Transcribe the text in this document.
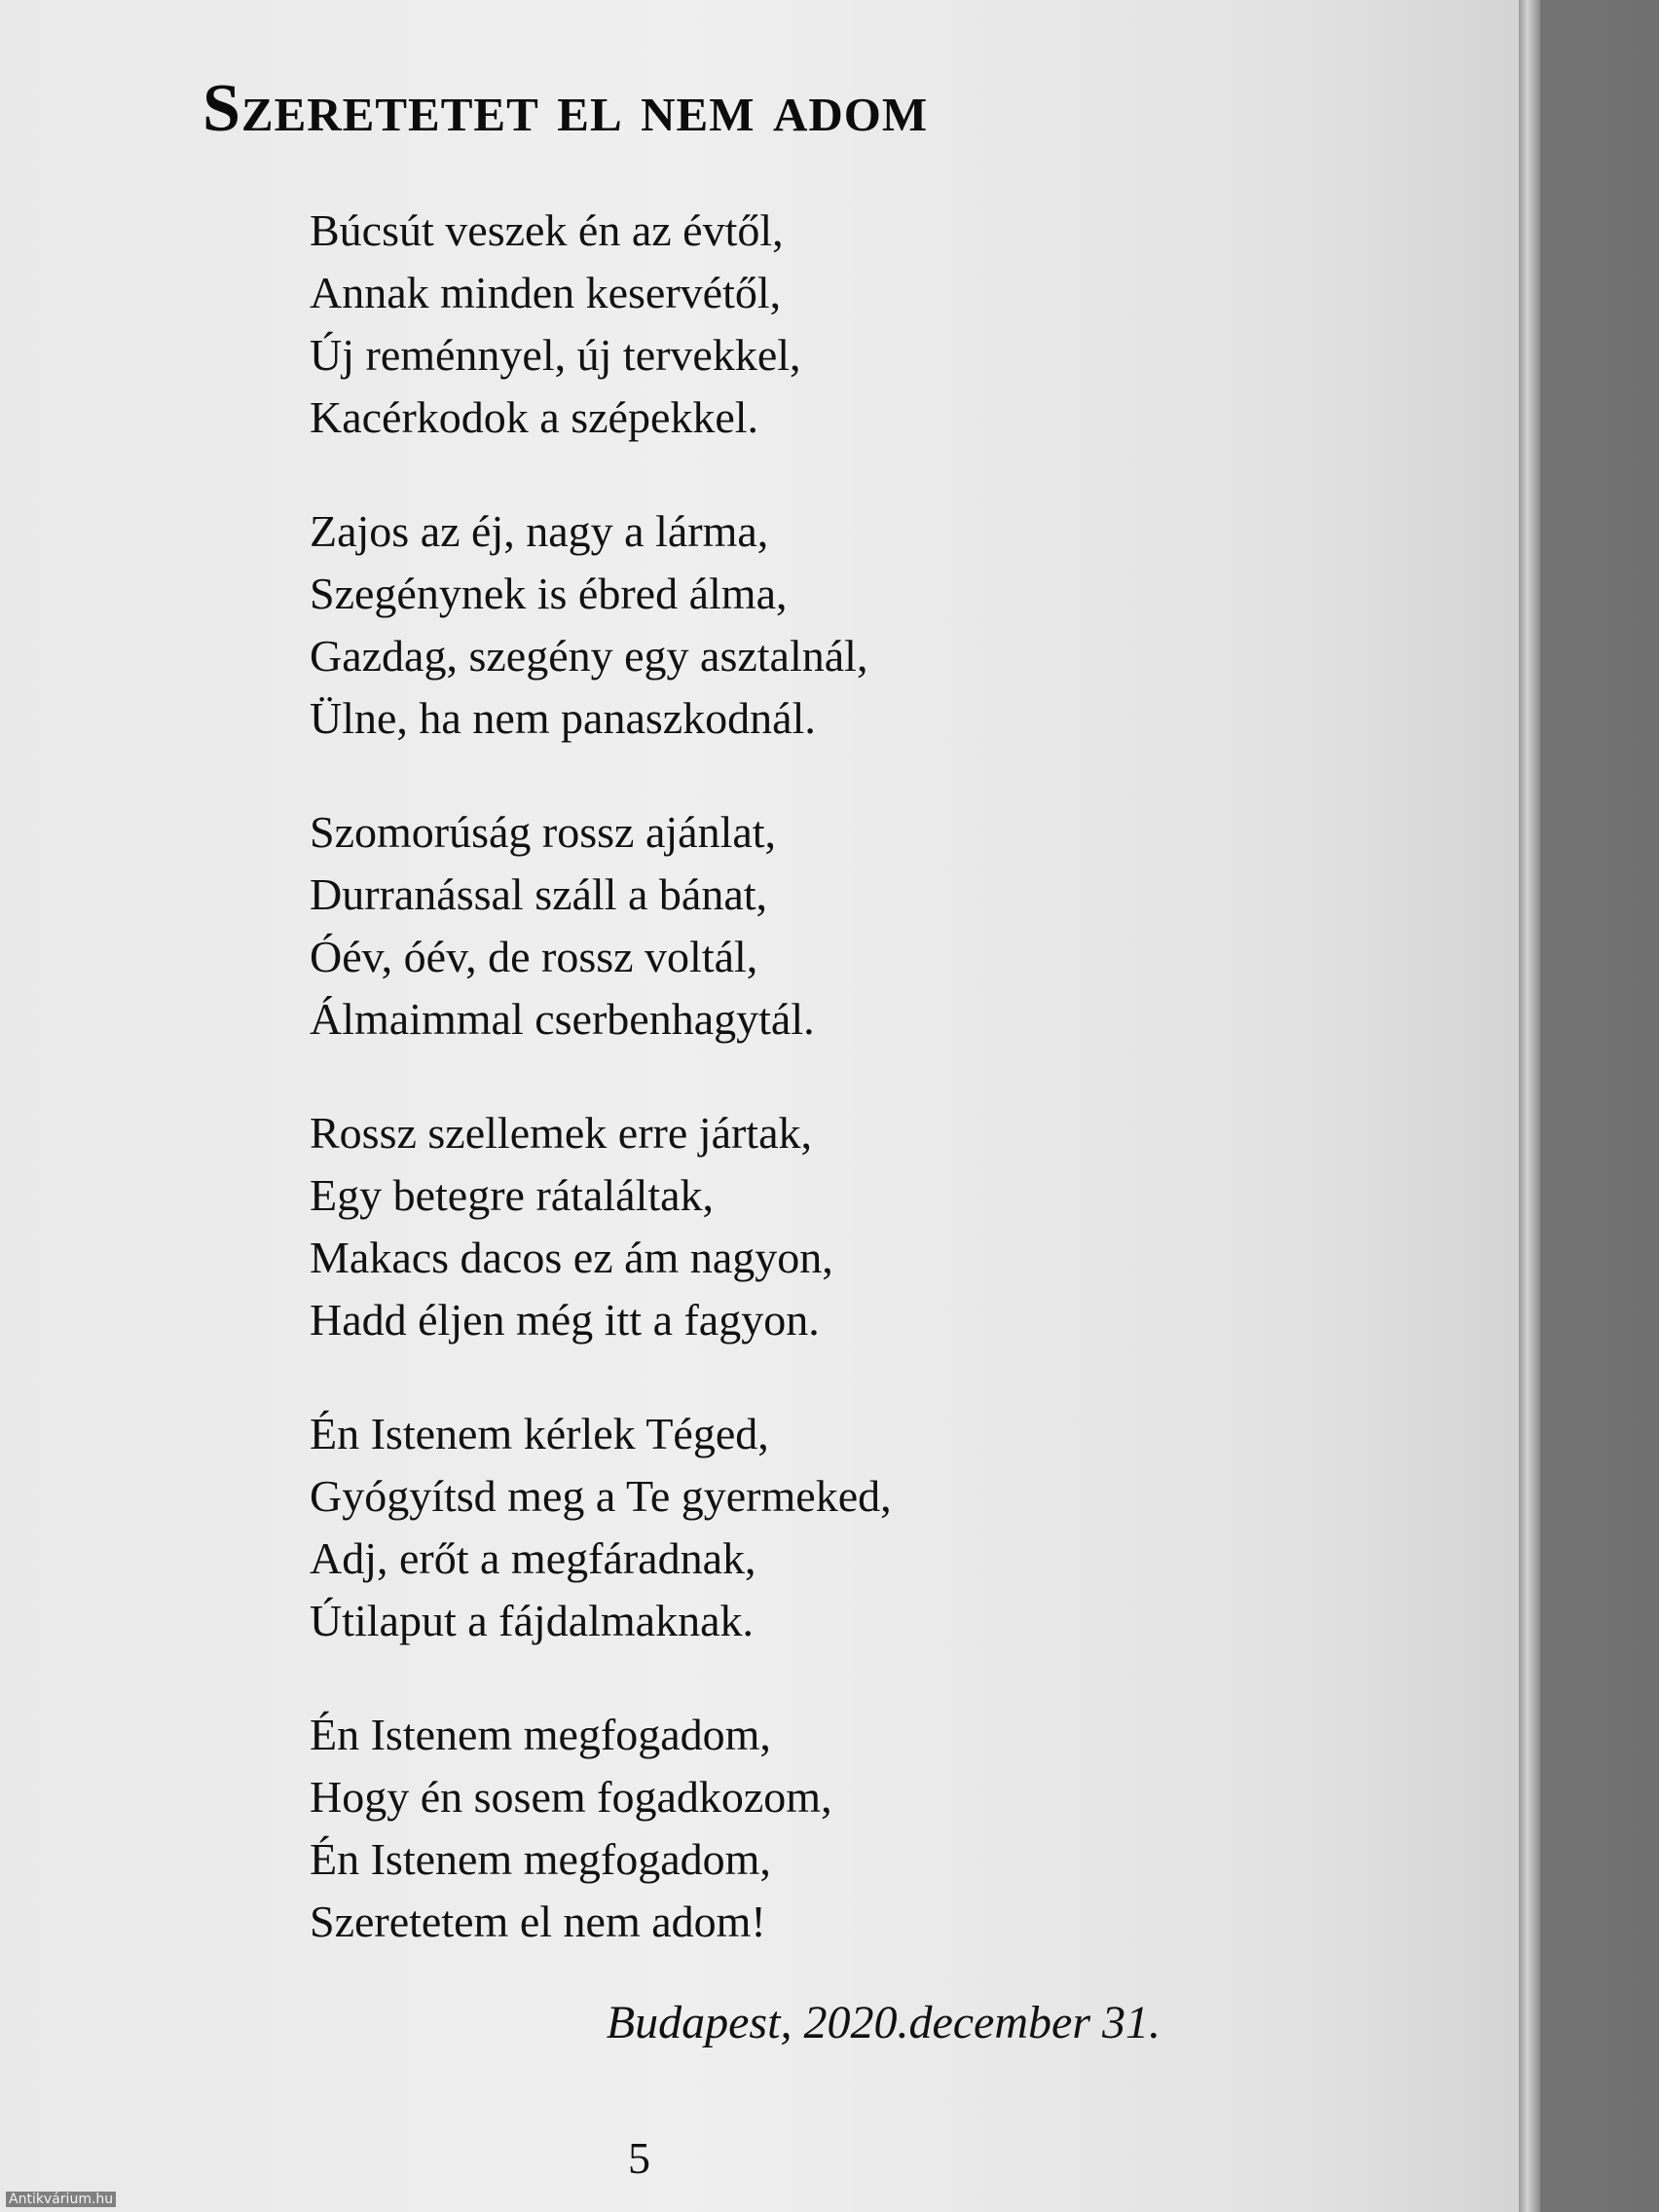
Szeretetet el nem adom
Búcsút veszek én az évtől,
Annak minden keservétől,
Új reménnyel, új tervekkel,
Kacérkodok a szépekkel.
Zajos az éj, nagy a lárma,
Szegénynek is ébred álma,
Gazdag, szegény egy asztalnál,
Ülne, ha nem panaszkodnál.
Szomorúság rossz ajánlat,
Durranással száll a bánat,
Óév, óév, de rossz voltál,
Álmaimmal cserbenhagytál.
Rossz szellemek erre jártak,
Egy betegre rátaláltak,
Makacs dacos ez ám nagyon,
Hadd éljen még itt a fagyon.
Én Istenem kérlek Téged,
Gyógyítsd meg a Te gyermeked,
Adj, erőt a megfáradnak,
Útilaput a fájdalmaknak.
Én Istenem megfogadom,
Hogy én sosem fogadkozom,
Én Istenem megfogadom,
Szeretetem el nem adom!
Budapest, 2020.december 31.
5
Antikvárium.hu
